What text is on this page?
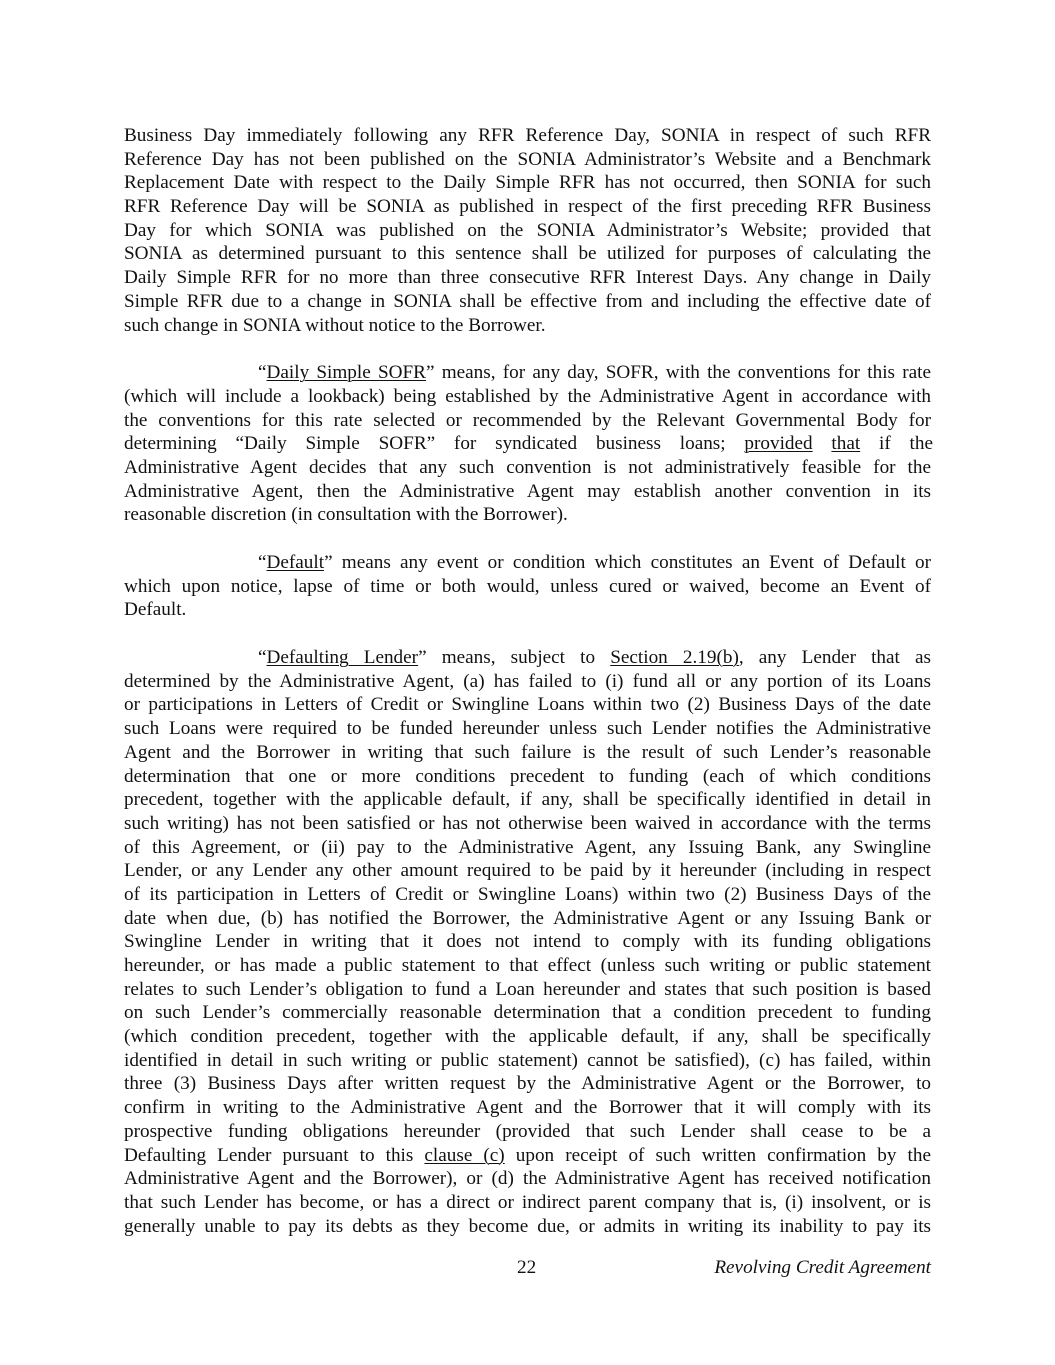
Business Day immediately following any RFR Reference Day, SONIA in respect of such RFR
Reference Day has not been published on the SONIA Administrator’s Website and a Benchmark
Replacement Date with respect to the Daily Simple RFR has not occurred, then SONIA for such
RFR Reference Day will be SONIA as published in respect of the first preceding RFR Business
Day for which SONIA was published on the SONIA Administrator’s Website; provided that
SONIA as determined pursuant to this sentence shall be utilized for purposes of calculating the
Daily Simple RFR for no more than three consecutive RFR Interest Days. Any change in Daily
Simple RFR due to a change in SONIA shall be effective from and including the effective date of
such change in SONIA without notice to the Borrower.
“Daily Simple SOFR” means, for any day, SOFR, with the conventions for this rate
(which will include a lookback) being established by the Administrative Agent in accordance with
the conventions for this rate selected or recommended by the Relevant Governmental Body for
determining “Daily Simple SOFR” for syndicated business loans; provided that if the
Administrative Agent decides that any such convention is not administratively feasible for the
Administrative Agent, then the Administrative Agent may establish another convention in its
reasonable discretion (in consultation with the Borrower).
“Default” means any event or condition which constitutes an Event of Default or
which upon notice, lapse of time or both would, unless cured or waived, become an Event of
Default.
“Defaulting Lender” means, subject to Section 2.19(b), any Lender that as
determined by the Administrative Agent, (a) has failed to (i) fund all or any portion of its Loans
or participations in Letters of Credit or Swingline Loans within two (2) Business Days of the date
such Loans were required to be funded hereunder unless such Lender notifies the Administrative
Agent and the Borrower in writing that such failure is the result of such Lender’s reasonable
determination that one or more conditions precedent to funding (each of which conditions
precedent, together with the applicable default, if any, shall be specifically identified in detail in
such writing) has not been satisfied or has not otherwise been waived in accordance with the terms
of this Agreement, or (ii) pay to the Administrative Agent, any Issuing Bank, any Swingline
Lender, or any Lender any other amount required to be paid by it hereunder (including in respect
of its participation in Letters of Credit or Swingline Loans) within two (2) Business Days of the
date when due, (b) has notified the Borrower, the Administrative Agent or any Issuing Bank or
Swingline Lender in writing that it does not intend to comply with its funding obligations
hereunder, or has made a public statement to that effect (unless such writing or public statement
relates to such Lender’s obligation to fund a Loan hereunder and states that such position is based
on such Lender’s commercially reasonable determination that a condition precedent to funding
(which condition precedent, together with the applicable default, if any, shall be specifically
identified in detail in such writing or public statement) cannot be satisfied), (c) has failed, within
three (3) Business Days after written request by the Administrative Agent or the Borrower, to
confirm in writing to the Administrative Agent and the Borrower that it will comply with its
prospective funding obligations hereunder (provided that such Lender shall cease to be a
Defaulting Lender pursuant to this clause (c) upon receipt of such written confirmation by the
Administrative Agent and the Borrower), or (d) the Administrative Agent has received notification
that such Lender has become, or has a direct or indirect parent company that is, (i) insolvent, or is
generally unable to pay its debts as they become due, or admits in writing its inability to pay its
22	Revolving Credit Agreement
